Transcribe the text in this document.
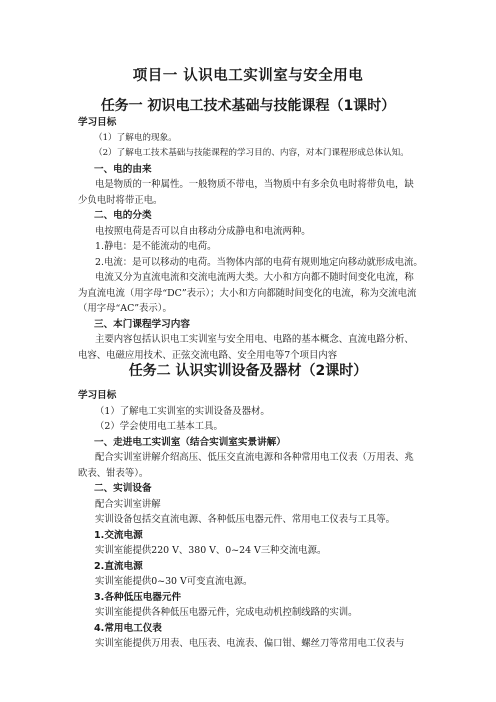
项目一 认识电工实训室与安全用电
任务一 初识电工技术基础与技能课程（1课时）

学习目标

（1）了解电的现象。

（2）了解电工技术基础与技能课程的学习目的、内容，对本门课程形成总体认知。

一、电的由来

电是物质的一种属性。一般物质不带电，当物质中有多余负电时将带负电，缺少负电时将带正电。

二、电的分类

电按照电荷是否可以自由移动分成静电和电流两种。

1.静电：是不能流动的电荷。

2.电流：是可以移动的电荷。当物体内部的电荷有规则地定向移动就形成电流。

电流又分为直流电流和交流电流两大类。大小和方向都不随时间变化电流，称为直流电流（用字母“DC”表示）；大小和方向都随时间变化的电流，称为交流电流（用字母“AC”表示）。

三、本门课程学习内容

主要内容包括认识电工实训室与安全用电、电路的基本概念、直流电路分析、电容、电磁应用技术、正弦交流电路、安全用电等7个项目内容

任务二 认识实训设备及器材（2课时）

学习目标

（1）了解电工实训室的实训设备及器材。

（2）学会使用电工基本工具。

一、走进电工实训室（结合实训室实景讲解）

配合实训室讲解介绍高压、低压交直流电源和各种常用电工仪表（万用表、兆欧表、钳表等）。

二、实训设备

配合实训室讲解

实训设备包括交直流电源、各种低压电器元件、常用电工仪表与工具等。

1.交流电源

实训室能提供220 V、380 V、0~24 V三种交流电源。

2.直流电源

实训室能提供0~30 V可变直流电源。

3.各种低压电器元件

实训室能提供各种低压电器元件，完成电动机控制线路的实训。

4.常用电工仪表

实训室能提供万用表、电压表、电流表、偏口钳、螺丝刀等常用电工仪表与
